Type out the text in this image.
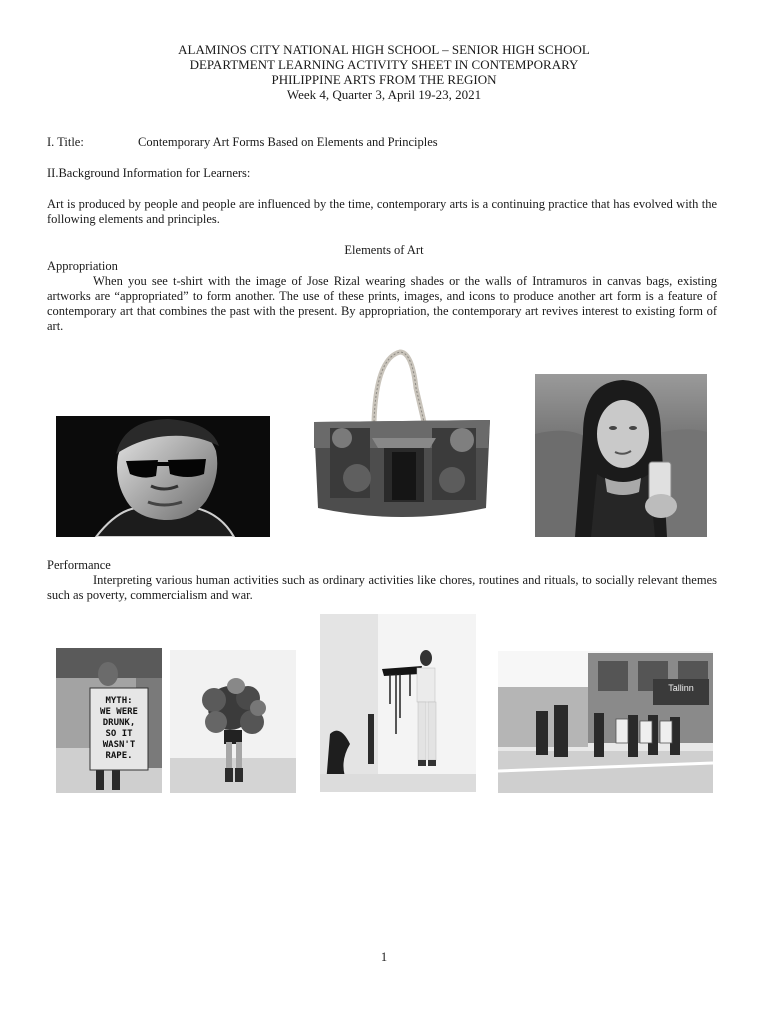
ALAMINOS CITY NATIONAL HIGH SCHOOL – SENIOR HIGH SCHOOL
DEPARTMENT LEARNING ACTIVITY SHEET IN CONTEMPORARY
PHILIPPINE ARTS FROM THE REGION
Week 4, Quarter 3, April 19-23, 2021
I. Title:	Contemporary Art Forms Based on Elements and Principles
II.Background Information for Learners:
Art is produced by people and people are influenced by the time, contemporary arts is a continuing practice that has evolved with the following elements and principles.
Elements of Art
Appropriation
When you see t-shirt with the image of Jose Rizal wearing shades or the walls of Intramuros in canvas bags, existing artworks are “appropriated” to form another. The use of these prints, images, and icons to produce another art form is a feature of contemporary art that combines the past with the present. By appropriation, the contemporary art revives interest to existing form of art.
Performance
Interpreting various human activities such as ordinary activities like chores, routines and rituals, to socially relevant themes such as poverty, commercialism and war.
MYTH:
WE WERE
DRUNK,
SO IT
WASN'T
RAPE.
Tallinn
1
